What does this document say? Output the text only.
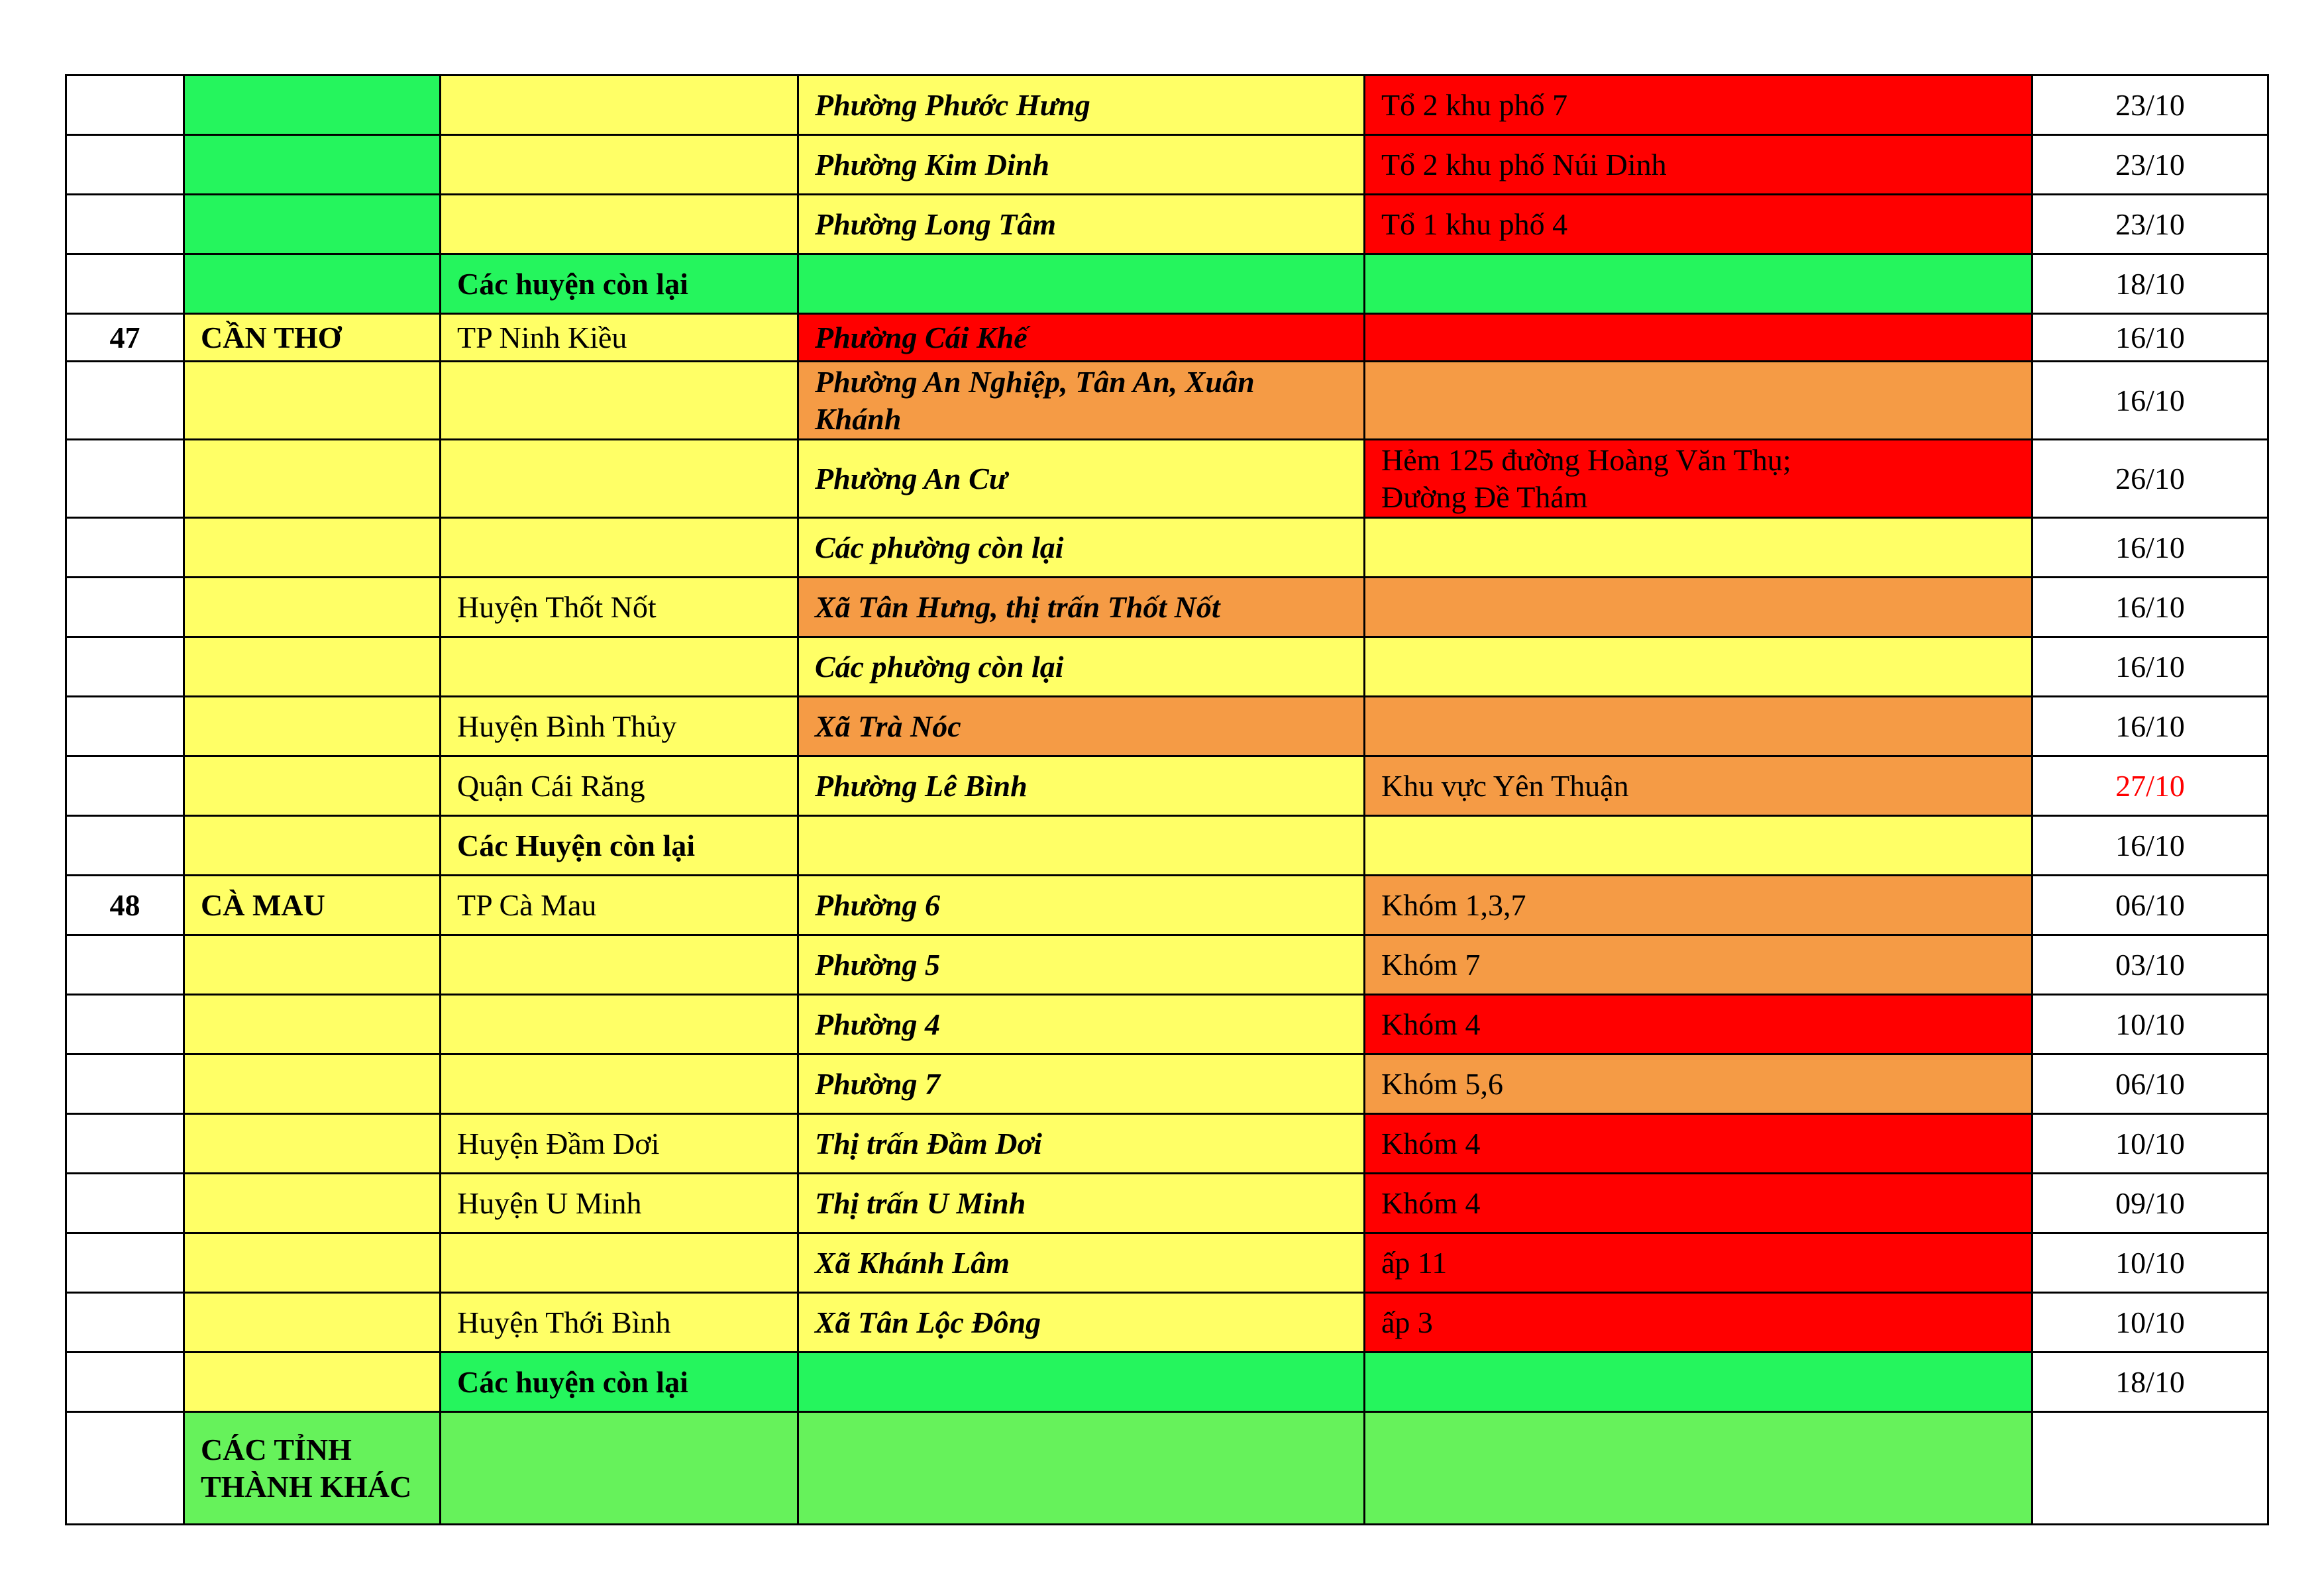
			Phường Phước Hưng	Tổ 2 khu phố 7	23/10

			Phường Kim Dinh	Tổ 2 khu phố Núi Dinh	23/10

			Phường Long Tâm	Tổ 1 khu phố 4	23/10

		Các huyện còn lại			18/10

47	CẦN THƠ	TP Ninh Kiều	Phường Cái Khế		16/10

			Phường An Nghiệp, Tân An, Xuân Khánh		16/10

			Phường An Cư	Hẻm 125 đường Hoàng Văn Thụ;
Đường Đề Thám	26/10

			Các phường còn lại		16/10

		Huyện Thốt Nốt	Xã Tân Hưng, thị trấn Thốt Nốt		16/10

			Các phường còn lại		16/10

		Huyện Bình Thủy	Xã Trà Nóc		16/10

		Quận Cái Răng	Phường Lê Bình	Khu vực Yên Thuận	27/10

		Các Huyện còn lại			16/10

48	CÀ MAU	TP Cà Mau	Phường 6	Khóm 1,3,7	06/10

			Phường 5	Khóm 7	03/10

			Phường 4	Khóm 4	10/10

			Phường 7	Khóm 5,6	06/10

		Huyện Đầm Dơi	Thị trấn Đầm Dơi	Khóm 4	10/10

		Huyện U Minh	Thị trấn U Minh	Khóm 4	09/10

			Xã Khánh Lâm	ấp 11	10/10

		Huyện Thới Bình	Xã Tân Lộc Đông	ấp 3	10/10

		Các huyện còn lại			18/10

	CÁC TỈNH
THÀNH KHÁC				
